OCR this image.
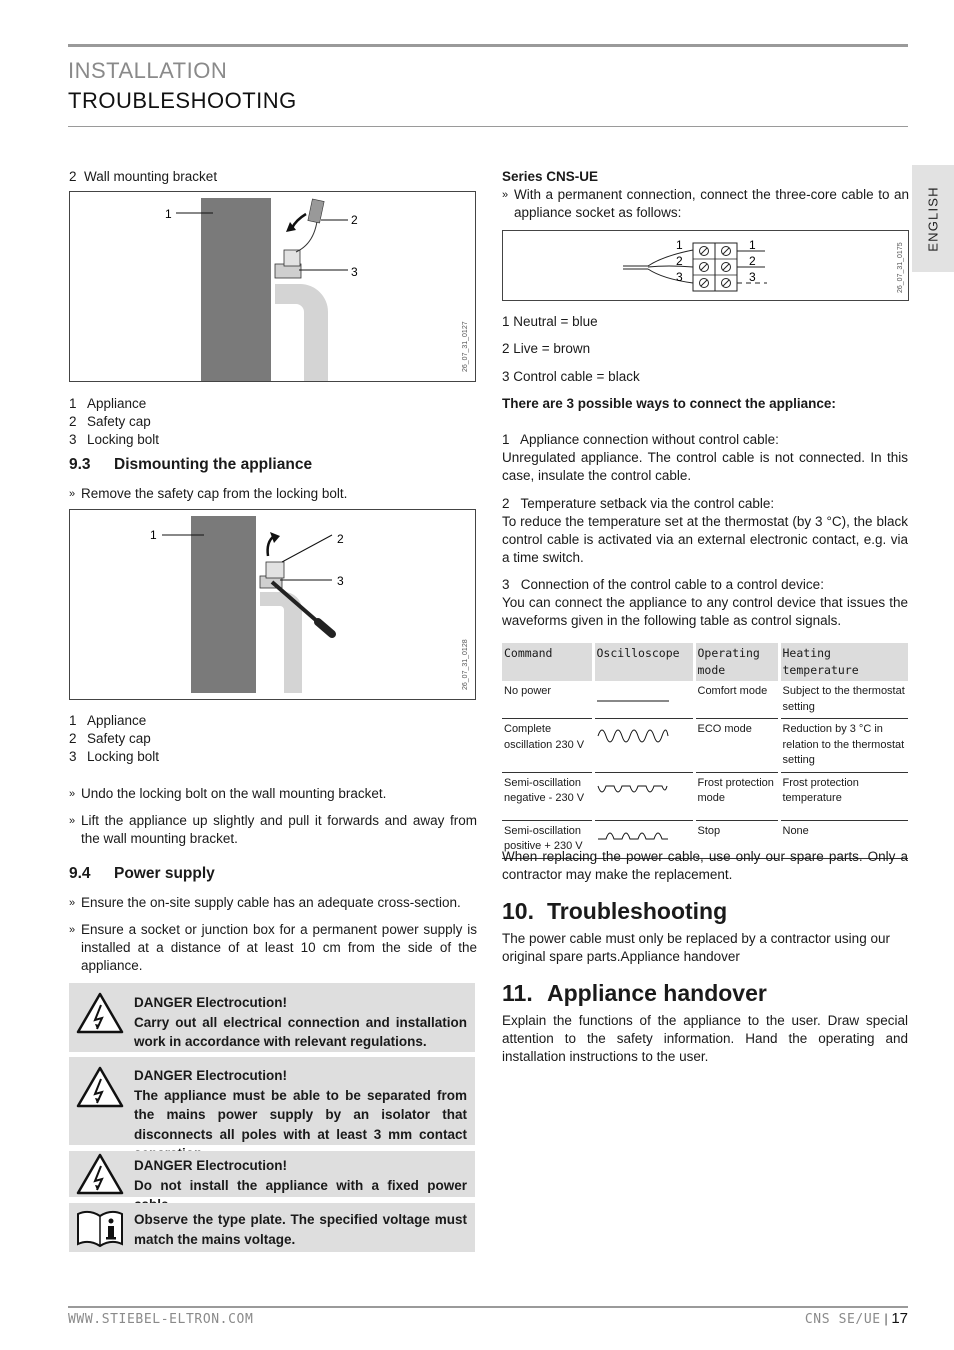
INSTALLATION
TROUBLESHOOTING
ENGLISH
2  Wall mounting bracket
1	2
3
26_07_31_0127
1 Appliance
2 Safety cap
3 Locking bolt
9.3 Dismounting the appliance
» Remove the safety cap from the locking bolt.
1	2
3
26_07_31_0128
1 Appliance
2 Safety cap
3 Locking bolt
» Undo the locking bolt on the wall mounting bracket.
» Lift the appliance up slightly and pull it forwards and away from the wall mounting bracket.
9.4 Power supply
» Ensure the on-site supply cable has an adequate cross-section.
» Ensure a socket or junction box for a permanent power supply is installed at a distance of at least 10 cm from the side of the appliance.
DANGER Electrocution!
Carry out all electrical connection and installation work in accordance with relevant regulations.
DANGER Electrocution!
The appliance must be able to be separated from the mains power supply by an isolator that disconnects all poles with at least 3 mm contact
DANGER Electrocution!
Do not install the appliance with a fixed power
Observe the type plate. The specified voltage must match the mains voltage.
Series CNS-UE
» With a permanent connection, connect the three-core cable to an appliance socket as follows:
1
2
3
1
2
3	26_07_31_0175
1 Neutral = blue
2 Live = brown
3 Control cable = black
There are 3 possible ways to connect the appliance:
1   Appliance connection without control cable:
Unregulated appliance. The control cable is not connected. In this case, insulate the control cable.
2   Temperature setback via the control cable:
To reduce the temperature set at the thermostat (by 3 °C), the black control cable is activated via an external electronic contact, e.g. via a time switch.
3   Connection of the control cable to a control device:
You can connect the appliance to any control device that issues the waveforms given in the following table as control signals.
Command	Oscilloscope	Operating mode	Heating temperature
No power		Comfort mode	Subject to the thermostat setting
Complete oscillation 230 V		ECO mode	Reduction by 3 °C in relation to the thermostat setting
Semi-oscillation negative - 230 V		Frost protection mode	Frost protection temperature
Semi-oscillation positive + 230 V		Stop	None
When replacing the power cable, use only our spare parts. Only a contractor may make the replacement.
10. Troubleshooting
The power cable must only be replaced by a contractor using our original spare parts.Appliance handover
11. Appliance handover
Explain the functions of the appliance to the user. Draw special attention to the safety information. Hand the operating and installation instructions to the user.
WWW.STIEBEL-ELTRON.COM	CNS SE/UE | 17
